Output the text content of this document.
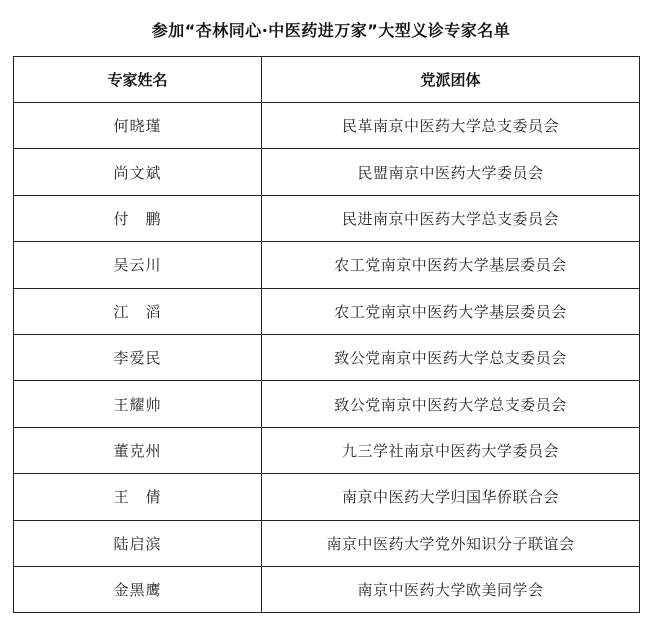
参加“杏林同心·中医药进万家”大型义诊专家名单
专家姓名	党派团体
何晓瑾	民革南京中医药大学总支委员会
尚文斌	民盟南京中医药大学委员会
付　鹏	民进南京中医药大学总支委员会
吴云川	农工党南京中医药大学基层委员会
江　滔	农工党南京中医药大学基层委员会
李爱民	致公党南京中医药大学总支委员会
王耀帅	致公党南京中医药大学总支委员会
董克州	九三学社南京中医药大学委员会
王　倩	南京中医药大学归国华侨联合会
陆启滨	南京中医药大学党外知识分子联谊会
金黑鹰	南京中医药大学欧美同学会
